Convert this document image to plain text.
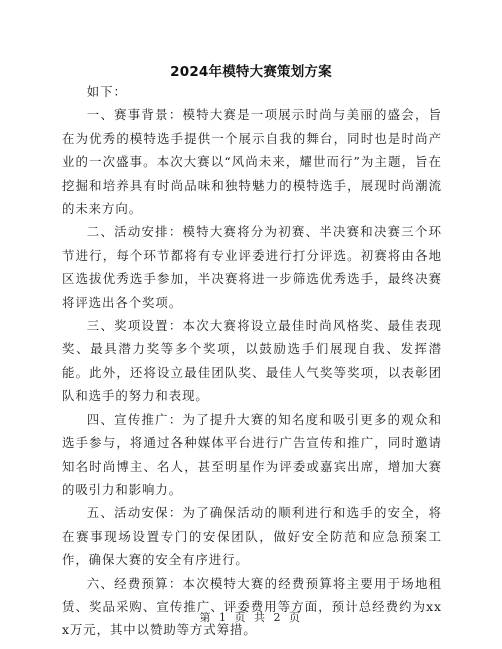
2024年模特大赛策划方案

如下：

一、赛事背景：模特大赛是一项展示时尚与美丽的盛会，旨在为优秀的模特选手提供一个展示自我的舞台，同时也是时尚产业的一次盛事。本次大赛以“风尚未来，耀世而行”为主题，旨在挖掘和培养具有时尚品味和独特魅力的模特选手，展现时尚潮流的未来方向。

二、活动安排：模特大赛将分为初赛、半决赛和决赛三个环节进行，每个环节都将有专业评委进行打分评选。初赛将由各地区选拔优秀选手参加，半决赛将进一步筛选优秀选手，最终决赛将评选出各个奖项。

三、奖项设置：本次大赛将设立最佳时尚风格奖、最佳表现奖、最具潜力奖等多个奖项，以鼓励选手们展现自我、发挥潜能。此外，还将设立最佳团队奖、最佳人气奖等奖项，以表彰团队和选手的努力和表现。

四、宣传推广：为了提升大赛的知名度和吸引更多的观众和选手参与，将通过各种媒体平台进行广告宣传和推广，同时邀请知名时尚博主、名人，甚至明星作为评委或嘉宾出席，增加大赛的吸引力和影响力。

五、活动安保：为了确保活动的顺利进行和选手的安全，将在赛事现场设置专门的安保团队，做好安全防范和应急预案工作，确保大赛的安全有序进行。

六、经费预算：本次模特大赛的经费预算将主要用于场地租赁、奖品采购、宣传推广、评委费用等方面，预计总经费约为xxx万元，其中以赞助等方式筹措。

第 1 页 共 2 页
